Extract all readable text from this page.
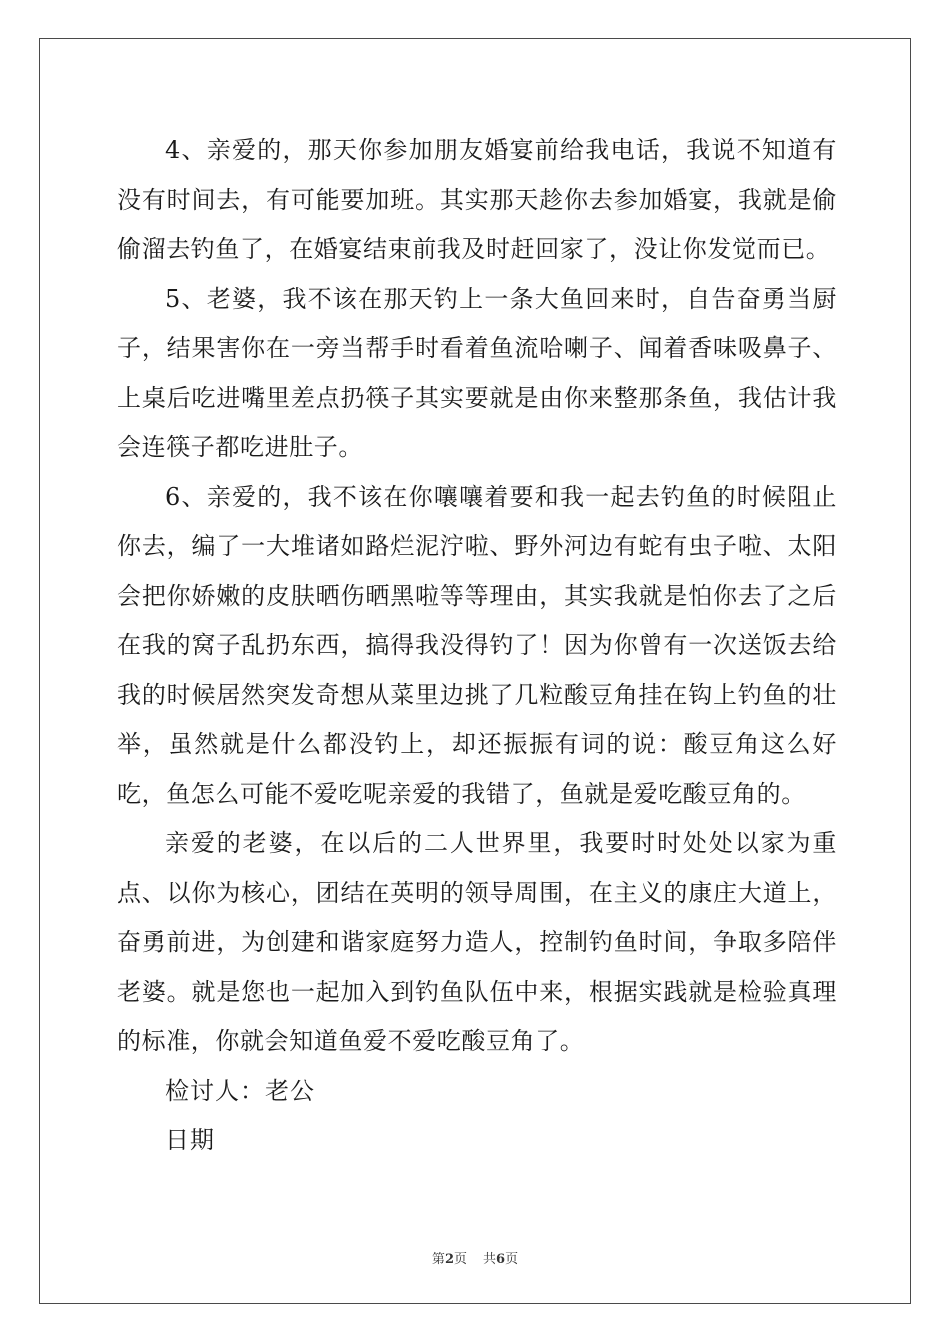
4、亲爱的，那天你参加朋友婚宴前给我电话，我说不知道有没有时间去，有可能要加班。其实那天趁你去参加婚宴，我就是偷偷溜去钓鱼了，在婚宴结束前我及时赶回家了，没让你发觉而已。

5、老婆，我不该在那天钓上一条大鱼回来时，自告奋勇当厨子，结果害你在一旁当帮手时看着鱼流哈喇子、闻着香味吸鼻子、上桌后吃进嘴里差点扔筷子其实要就是由你来整那条鱼，我估计我会连筷子都吃进肚子。

6、亲爱的，我不该在你嚷嚷着要和我一起去钓鱼的时候阻止你去，编了一大堆诸如路烂泥泞啦、野外河边有蛇有虫子啦、太阳会把你娇嫩的皮肤晒伤晒黑啦等等理由，其实我就是怕你去了之后在我的窝子乱扔东西，搞得我没得钓了！因为你曾有一次送饭去给我的时候居然突发奇想从菜里边挑了几粒酸豆角挂在钩上钓鱼的壮举，虽然就是什么都没钓上，却还振振有词的说：酸豆角这么好吃，鱼怎么可能不爱吃呢亲爱的我错了，鱼就是爱吃酸豆角的。

亲爱的老婆，在以后的二人世界里，我要时时处处以家为重点、以你为核心，团结在英明的领导周围，在主义的康庄大道上，奋勇前进，为创建和谐家庭努力造人，控制钓鱼时间，争取多陪伴老婆。就是您也一起加入到钓鱼队伍中来，根据实践就是检验真理的标准，你就会知道鱼爱不爱吃酸豆角了。

检讨人：老公

日期

第2页 共6页
